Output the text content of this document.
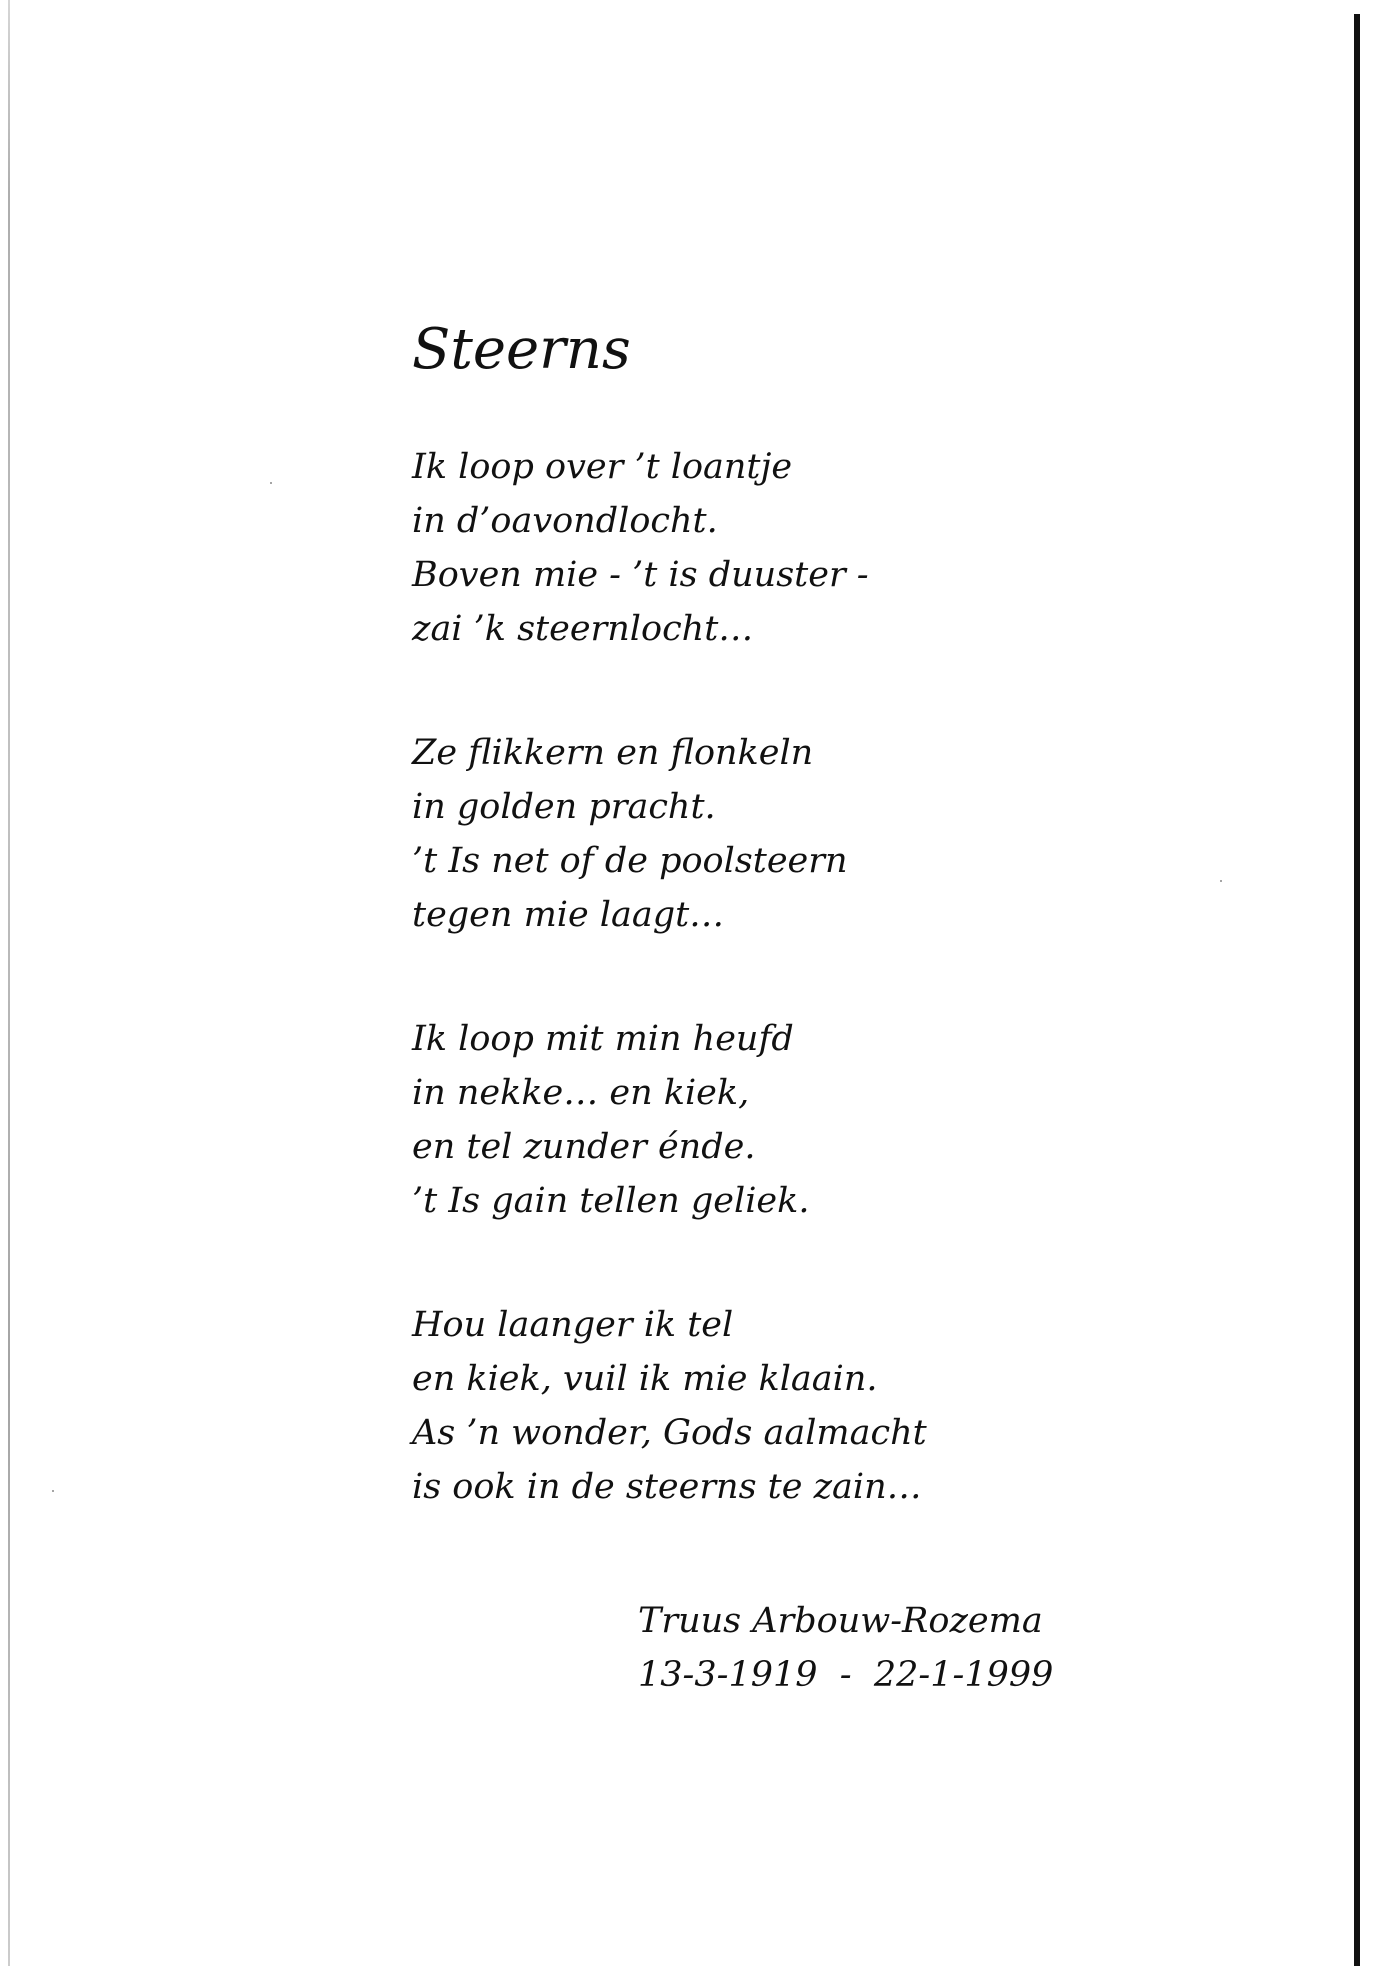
Steerns
Ik loop over ’t loantje
in d’oavondlocht.
Boven mie - ’t is duuster -
zai ’k steernlocht…
Ze flikkern en flonkeln
in golden pracht.
’t Is net of de poolsteern
tegen mie laagt…
Ik loop mit min heufd
in nekke… en kiek,
en tel zunder énde.
’t Is gain tellen geliek.
Hou laanger ik tel
en kiek, vuil ik mie klaain.
As ’n wonder, Gods aalmacht
is ook in de steerns te zain…
Truus Arbouw-Rozema
13-3-1919  -  22-1-1999
